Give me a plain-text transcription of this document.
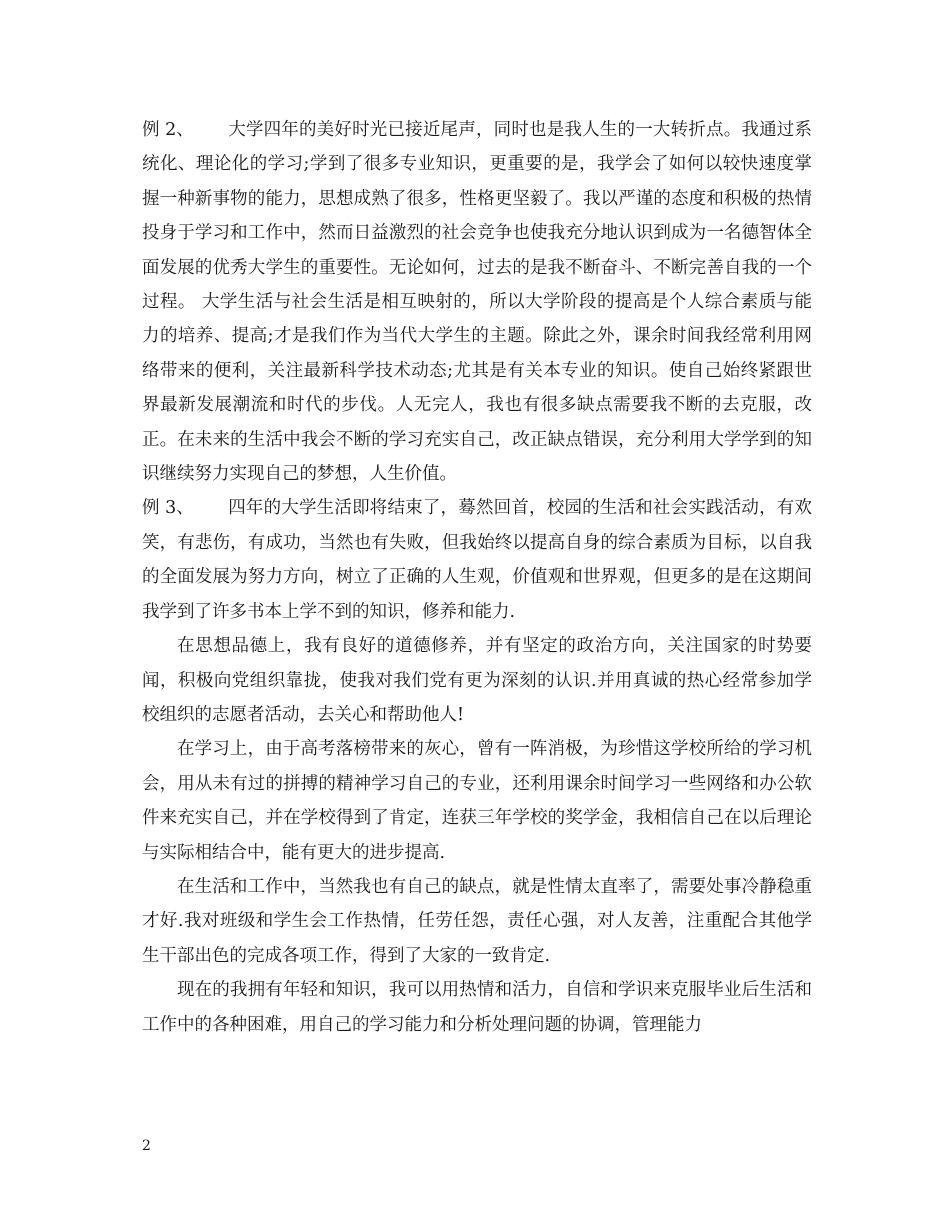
例 2、 大学四年的美好时光已接近尾声，同时也是我人生的一大转折点。我通过系统化、理论化的学习;学到了很多专业知识，更重要的是，我学会了如何以较快速度掌握一种新事物的能力，思想成熟了很多，性格更坚毅了。我以严谨的态度和积极的热情投身于学习和工作中，然而日益激烈的社会竞争也使我充分地认识到成为一名德智体全面发展的优秀大学生的重要性。无论如何，过去的是我不断奋斗、不断完善自我的一个过程。 大学生活与社会生活是相互映射的，所以大学阶段的提高是个人综合素质与能力的培养、提高;才是我们作为当代大学生的主题。除此之外，课余时间我经常利用网络带来的便利，关注最新科学技术动态;尤其是有关本专业的知识。使自己始终紧跟世界最新发展潮流和时代的步伐。人无完人，我也有很多缺点需要我不断的去克服，改正。在未来的生活中我会不断的学习充实自己，改正缺点错误，充分利用大学学到的知识继续努力实现自己的梦想，人生价值。

例 3、 四年的大学生活即将结束了，蓦然回首，校园的生活和社会实践活动，有欢笑，有悲伤，有成功，当然也有失败，但我始终以提高自身的综合素质为目标，以自我的全面发展为努力方向，树立了正确的人生观，价值观和世界观，但更多的是在这期间我学到了许多书本上学不到的知识，修养和能力.

在思想品德上，我有良好的道德修养，并有坚定的政治方向，关注国家的时势要闻，积极向党组织靠拢，使我对我们党有更为深刻的认识.并用真诚的热心经常参加学校组织的志愿者活动，去关心和帮助他人!

在学习上，由于高考落榜带来的灰心，曾有一阵消极，为珍惜这学校所给的学习机会，用从未有过的拼搏的精神学习自己的专业，还利用课余时间学习一些网络和办公软件来充实自己，并在学校得到了肯定，连获三年学校的奖学金，我相信自己在以后理论与实际相结合中，能有更大的进步提高.

在生活和工作中，当然我也有自己的缺点，就是性情太直率了，需要处事冷静稳重才好.我对班级和学生会工作热情，任劳任怨，责任心强，对人友善，注重配合其他学生干部出色的完成各项工作，得到了大家的一致肯定.

现在的我拥有年轻和知识，我可以用热情和活力，自信和学识来克服毕业后生活和工作中的各种困难，用自己的学习能力和分析处理问题的协调，管理能力

2
